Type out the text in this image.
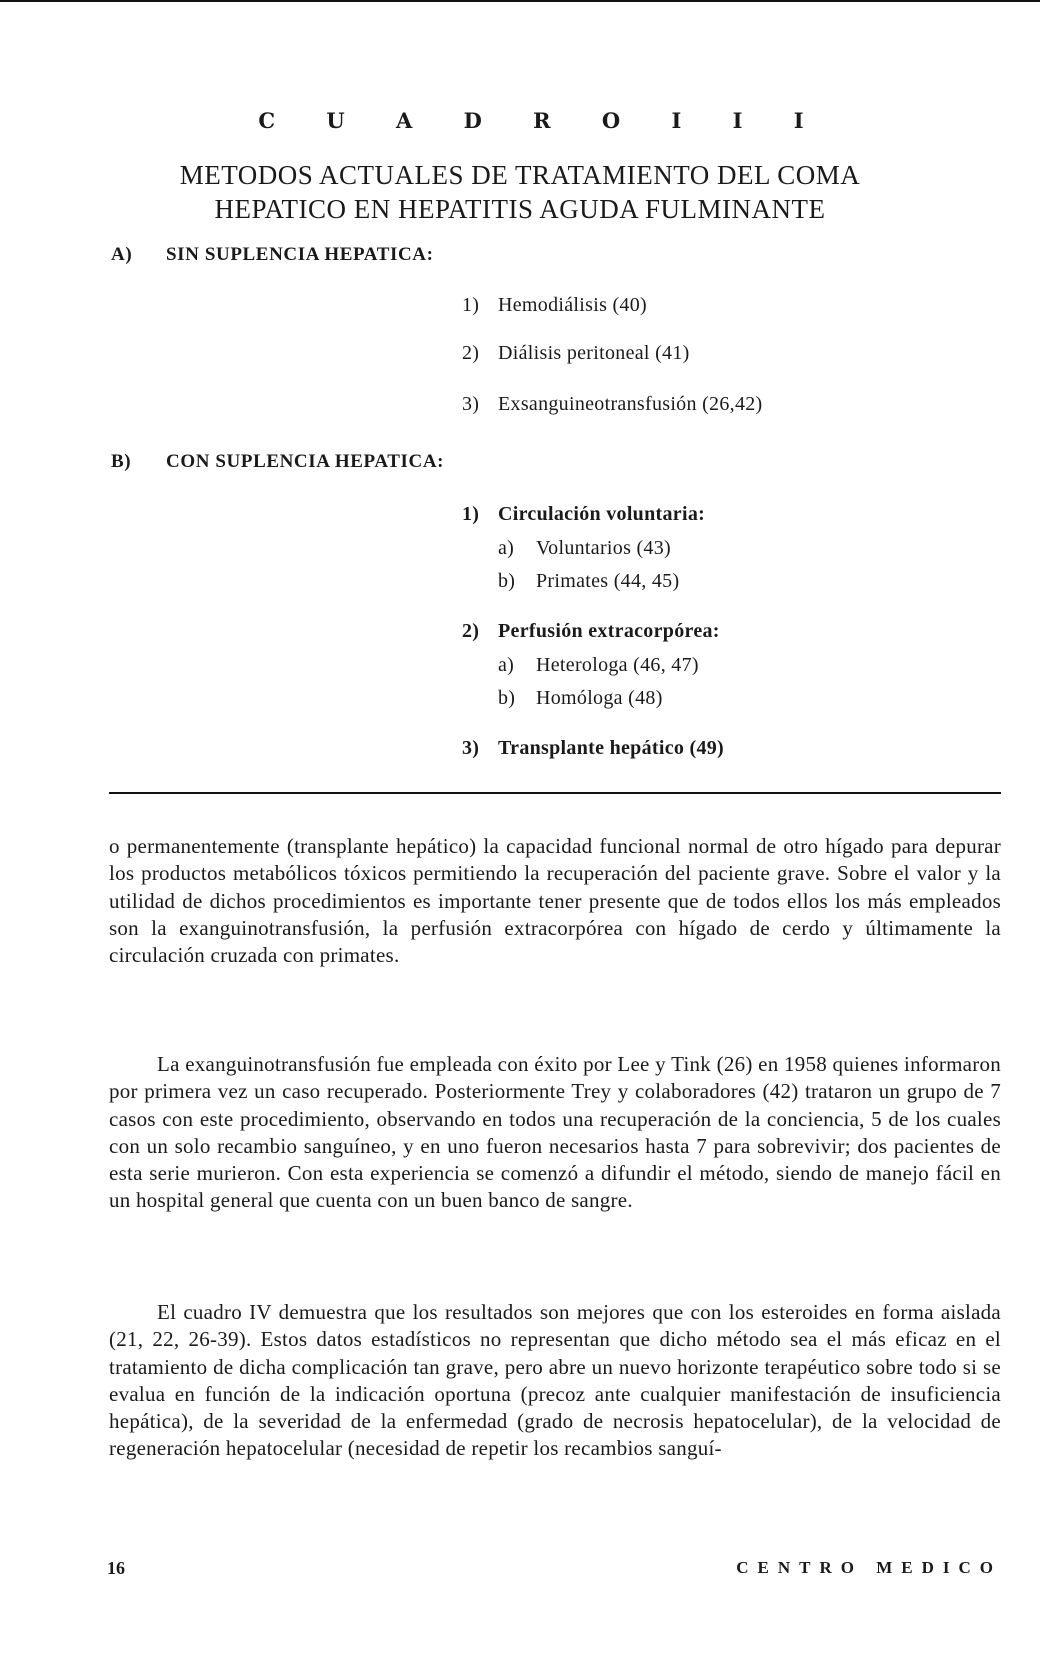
C U A D R O I I I
METODOS ACTUALES DE TRATAMIENTO DEL COMA
HEPATICO EN HEPATITIS AGUDA FULMINANTE
A) SIN SUPLENCIA HEPATICA:
1) Hemodiálisis (40)
2) Diálisis peritoneal (41)
3) Exsanguineotransfusión (26,42)
B) CON SUPLENCIA HEPATICA:
1) Circulación voluntaria:
a) Voluntarios (43)
b) Primates (44, 45)
2) Perfusión extracorpórea:
a) Heterologa (46, 47)
b) Homóloga (48)
3) Transplante hepático (49)
o permanentemente (transplante hepático) la capacidad funcional normal de otro hígado para depurar los productos metabólicos tóxicos permitiendo la recuperación del paciente grave. Sobre el valor y la utilidad de dichos procedimientos es importante tener presente que de todos ellos los más empleados son la exanguinotransfusión, la perfusión extracorpórea con hígado de cerdo y últimamente la circulación cruzada con primates.
La exanguinotransfusión fue empleada con éxito por Lee y Tink (26) en 1958 quienes informaron por primera vez un caso recuperado. Posteriormente Trey y colaboradores (42) trataron un grupo de 7 casos con este procedimiento, observando en todos una recuperación de la conciencia, 5 de los cuales con un solo recambio sanguíneo, y en uno fueron necesarios hasta 7 para sobrevivir; dos pacientes de esta serie murieron. Con esta experiencia se comenzó a difundir el método, siendo de manejo fácil en un hospital general que cuenta con un buen banco de sangre.
El cuadro IV demuestra que los resultados son mejores que con los esteroides en forma aislada (21, 22, 26-39). Estos datos estadísticos no representan que dicho método sea el más eficaz en el tratamiento de dicha complicación tan grave, pero abre un nuevo horizonte terapéutico sobre todo si se evalua en función de la indicación oportuna (precoz ante cualquier manifestación de insuficiencia hepática), de la severidad de la enfermedad (grado de necrosis hepatocelular), de la velocidad de regeneración hepatocelular (necesidad de repetir los recambios sanguí-
16	CENTRO MEDICO
